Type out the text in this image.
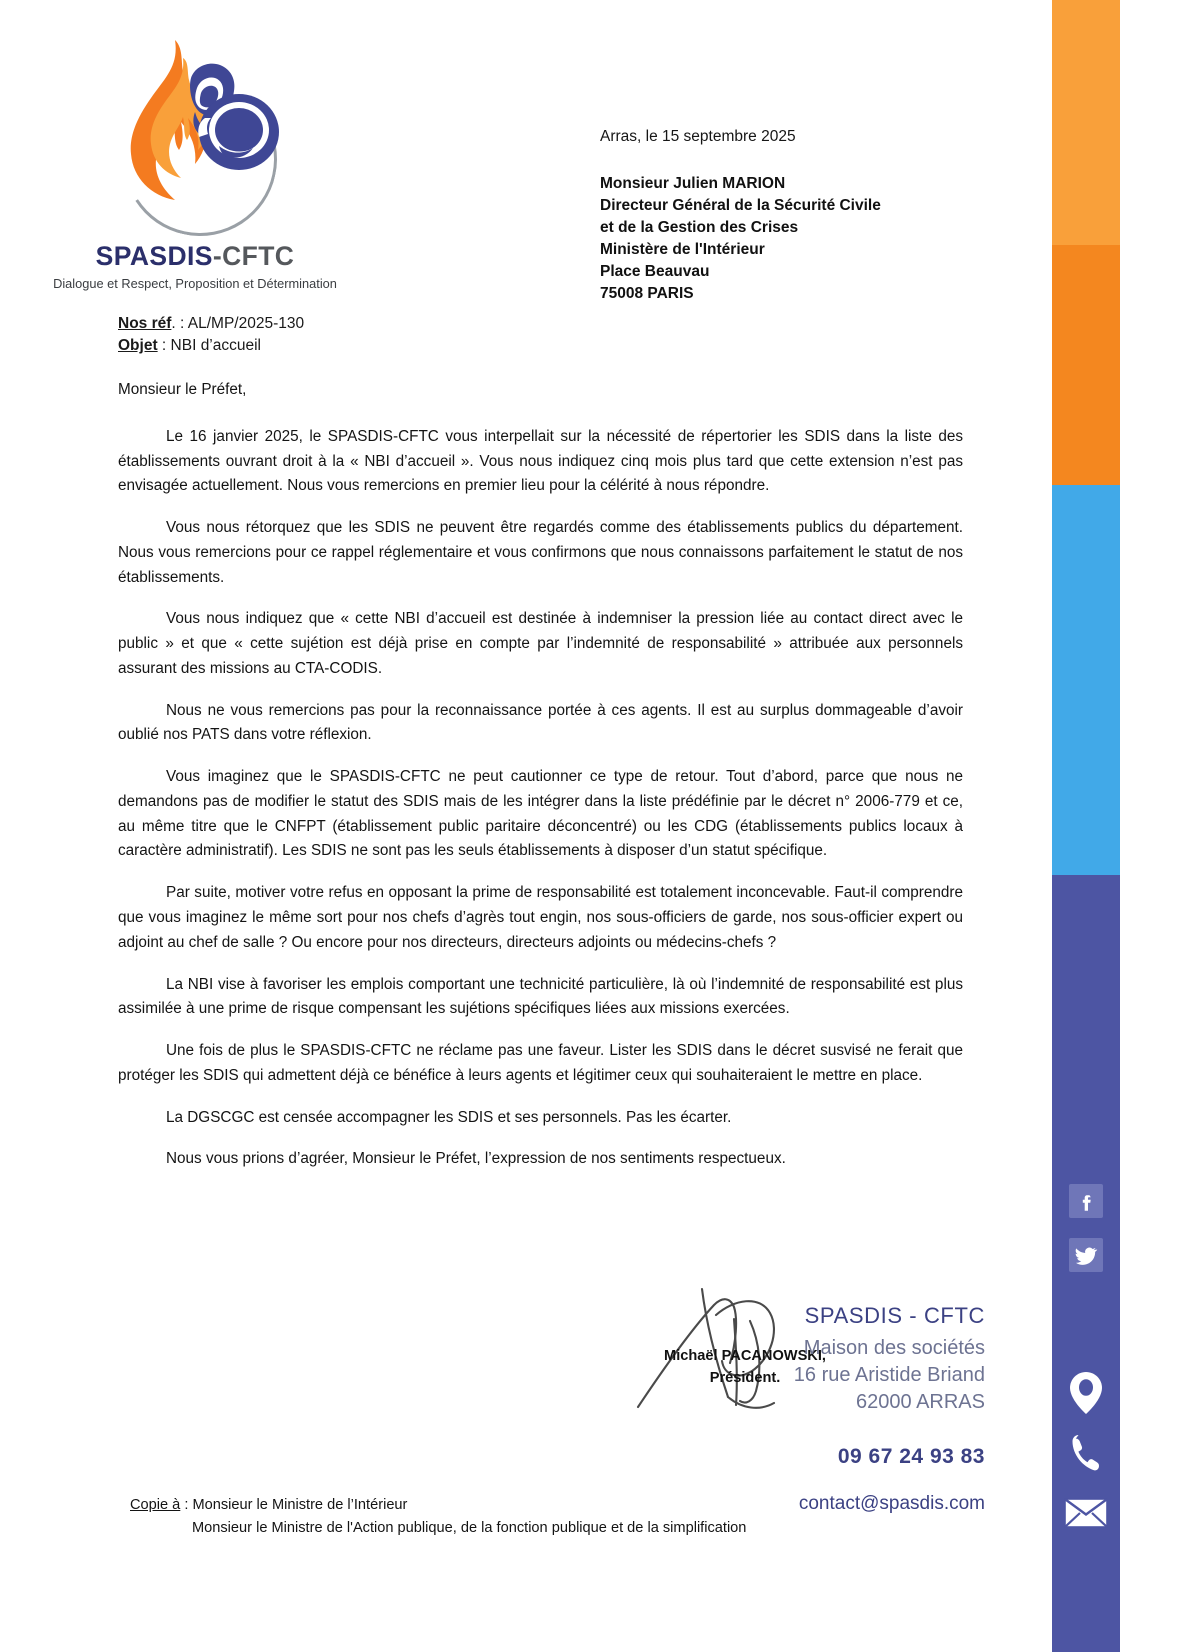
SPASDIS-CFTC
Dialogue et Respect, Proposition et Détermination
Arras, le 15 septembre 2025
Monsieur Julien MARION
Directeur Général de la Sécurité Civile
et de la Gestion des Crises
Ministère de l'Intérieur
Place Beauvau
75008 PARIS
Nos réf. : AL/MP/2025-130
Objet : NBI d’accueil

Monsieur le Préfet,

Le 16 janvier 2025, le SPASDIS-CFTC vous interpellait sur la nécessité de répertorier les SDIS dans la liste des établissements ouvrant droit à la « NBI d’accueil ». Vous nous indiquez cinq mois plus tard que cette extension n’est pas envisagée actuellement. Nous vous remercions en premier lieu pour la célérité à nous répondre.

Vous nous rétorquez que les SDIS ne peuvent être regardés comme des établissements publics du département. Nous vous remercions pour ce rappel réglementaire et vous confirmons que nous connaissons parfaitement le statut de nos établissements.

Vous nous indiquez que « cette NBI d’accueil est destinée à indemniser la pression liée au contact direct avec le public » et que « cette sujétion est déjà prise en compte par l’indemnité de responsabilité » attribuée aux personnels assurant des missions au CTA-CODIS.

Nous ne vous remercions pas pour la reconnaissance portée à ces agents. Il est au surplus dommageable d’avoir oublié nos PATS dans votre réflexion.

Vous imaginez que le SPASDIS-CFTC ne peut cautionner ce type de retour. Tout d’abord, parce que nous ne demandons pas de modifier le statut des SDIS mais de les intégrer dans la liste prédéfinie par le décret n° 2006-779 et ce, au même titre que le CNFPT (établissement public paritaire déconcentré) ou les CDG (établissements publics locaux à caractère administratif). Les SDIS ne sont pas les seuls établissements à disposer d’un statut spécifique.

Par suite, motiver votre refus en opposant la prime de responsabilité est totalement inconcevable. Faut-il comprendre que vous imaginez le même sort pour nos chefs d’agrès tout engin, nos sous-officiers de garde, nos sous-officier expert ou adjoint au chef de salle ? Ou encore pour nos directeurs, directeurs adjoints ou médecins-chefs ?

La NBI vise à favoriser les emplois comportant une technicité particulière, là où l’indemnité de responsabilité est plus assimilée à une prime de risque compensant les sujétions spécifiques liées aux missions exercées.

Une fois de plus le SPASDIS-CFTC ne réclame pas une faveur. Lister les SDIS dans le décret susvisé ne ferait que protéger les SDIS qui admettent déjà ce bénéfice à leurs agents et légitimer ceux qui souhaiteraient le mettre en place.

La DGSCGC est censée accompagner les SDIS et ses personnels. Pas les écarter.

Nous vous prions d’agréer, Monsieur le Préfet, l’expression de nos sentiments respectueux.

Michaël PACANOWSKI,
Président.
SPASDIS - CFTC
Maison des sociétés
16 rue Aristide Briand
62000 ARRAS
09 67 24 93 83
contact@spasdis.com
Copie à : Monsieur le Ministre de l’Intérieur
Monsieur le Ministre de l'Action publique, de la fonction publique et de la simplification
